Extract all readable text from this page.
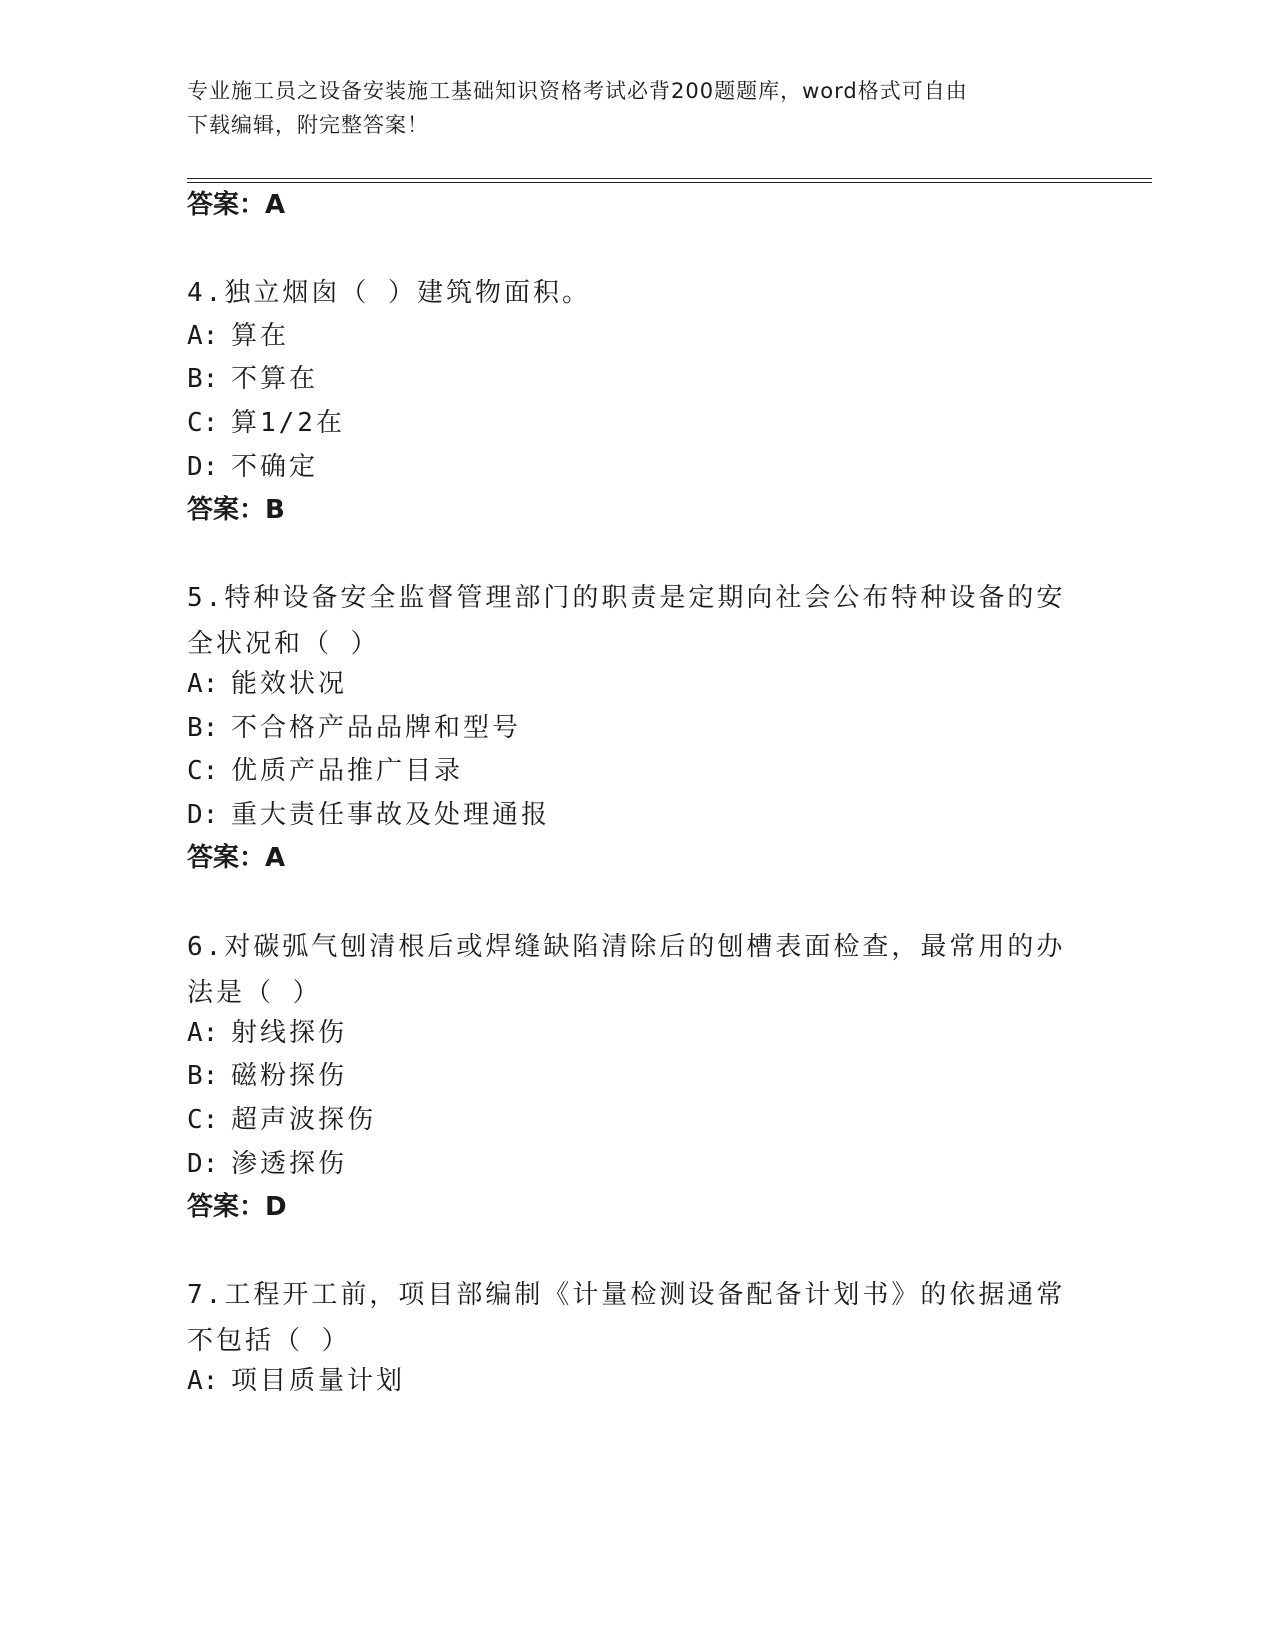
专业施工员之设备安装施工基础知识资格考试必背200题题库，word格式可自由
下载编辑，附完整答案！
答案：A
4.独立烟囱（ ）建筑物面积。
A: 算在
B: 不算在
C: 算1/2在
D: 不确定
答案：B
5.特种设备安全监督管理部门的职责是定期向社会公布特种设备的安
全状况和（ ）
A: 能效状况
B: 不合格产品品牌和型号
C: 优质产品推广目录
D: 重大责任事故及处理通报
答案：A
6.对碳弧气刨清根后或焊缝缺陷清除后的刨槽表面检查，最常用的办
法是（ ）
A: 射线探伤
B: 磁粉探伤
C: 超声波探伤
D: 渗透探伤
答案：D
7.工程开工前，项目部编制《计量检测设备配备计划书》的依据通常
不包括（ ）
A: 项目质量计划
